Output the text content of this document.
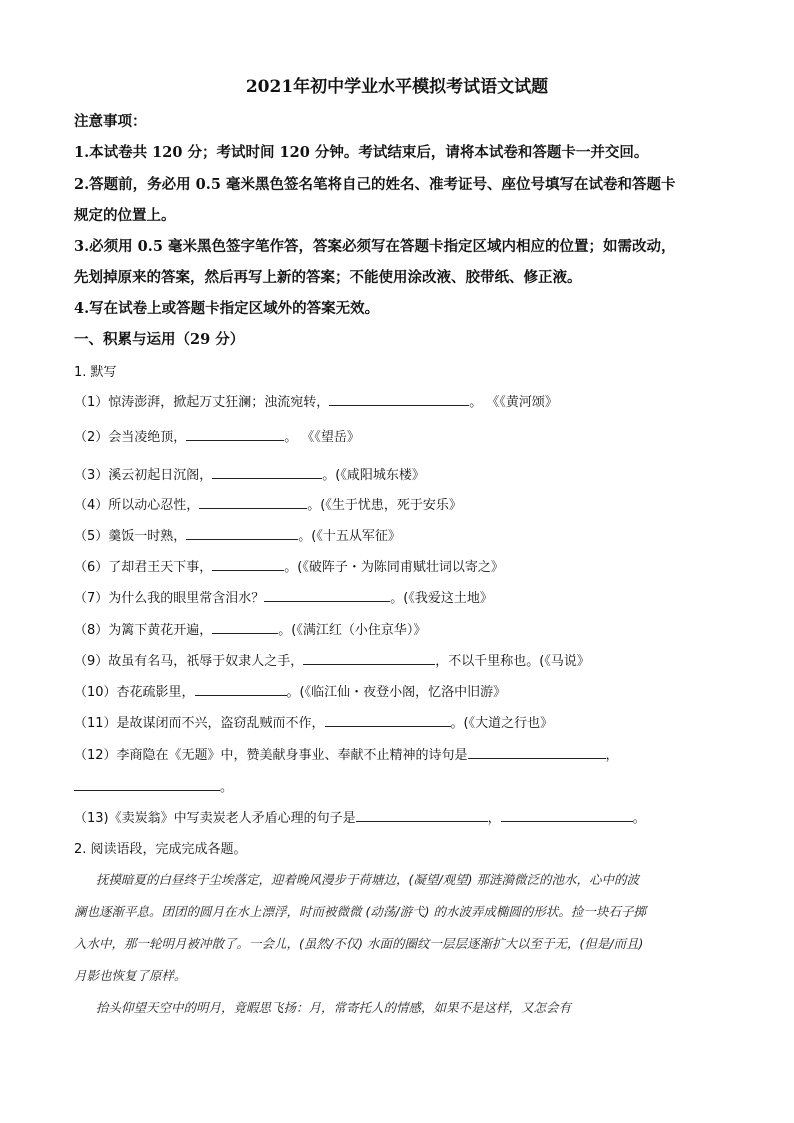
2021年初中学业水平模拟考试语文试题
注意事项：
1.本试卷共 120 分；考试时间 120 分钟。考试结束后，请将本试卷和答题卡一并交回。
2.答题前，务必用 0.5 毫米黑色签名笔将自己的姓名、准考证号、座位号填写在试卷和答题卡
规定的位置上。
3.必须用 0.5 毫米黑色签字笔作答，答案必须写在答题卡指定区域内相应的位置；如需改动，
先划掉原来的答案，然后再写上新的答案；不能使用涂改液、胶带纸、修正液。
4.写在试卷上或答题卡指定区域外的答案无效。
一、积累与运用（29 分）
1. 默写
（1）惊涛澎湃，掀起万丈狂澜；浊流宛转，	。 《《黄河颂》
（2）会当凌绝顶，	。 《《望岳》
（3）溪云初起日沉阁，	。(《咸阳城东楼》
（4）所以动心忍性，	。(《生于忧患，死于安乐》
（5）羹饭一时熟，	。(《十五从军征》
（6）了却君王天下事，	。(《破阵子・为陈同甫赋壮词以寄之》
（7）为什么我的眼里常含泪水？	。(《我爱这土地》
（8）为篱下黄花开遍，	。(《满江红（小住京华）》
（9）故虽有名马，祇辱于奴隶人之手，	，不以千里称也。(《马说》
（10）杏花疏影里，	。(《临江仙・夜登小阁，忆洛中旧游》
（11）是故谋闭而不兴，盗窃乱贼而不作，	。(《大道之行也》
（12）李商隐在《无题》中，赞美献身事业、奉献不止精神的诗句是	，
。
（13)《卖炭翁》中写卖炭老人矛盾心理的句子是	，	。
2. 阅读语段，完成完成各题。
抚摸暗夏的白昼终于尘埃落定，迎着晚风漫步于荷塘边，(凝望/观望) 那涟漪微泛的池水，心中的波
澜也逐渐平息。团团的圆月在水上漂浮，时而被微微 (动荡/游弋) 的水波弄成椭圆的形状。捡一块石子掷
入水中，那一轮明月被冲散了。一会儿，(虽然/不仅) 水面的圈纹一层层逐渐扩大以至于无，(但是/而且)
月影也恢复了原样。
抬头仰望天空中的明月，竟暇思飞扬：月，常寄托人的情感，如果不是这样，又怎会有
